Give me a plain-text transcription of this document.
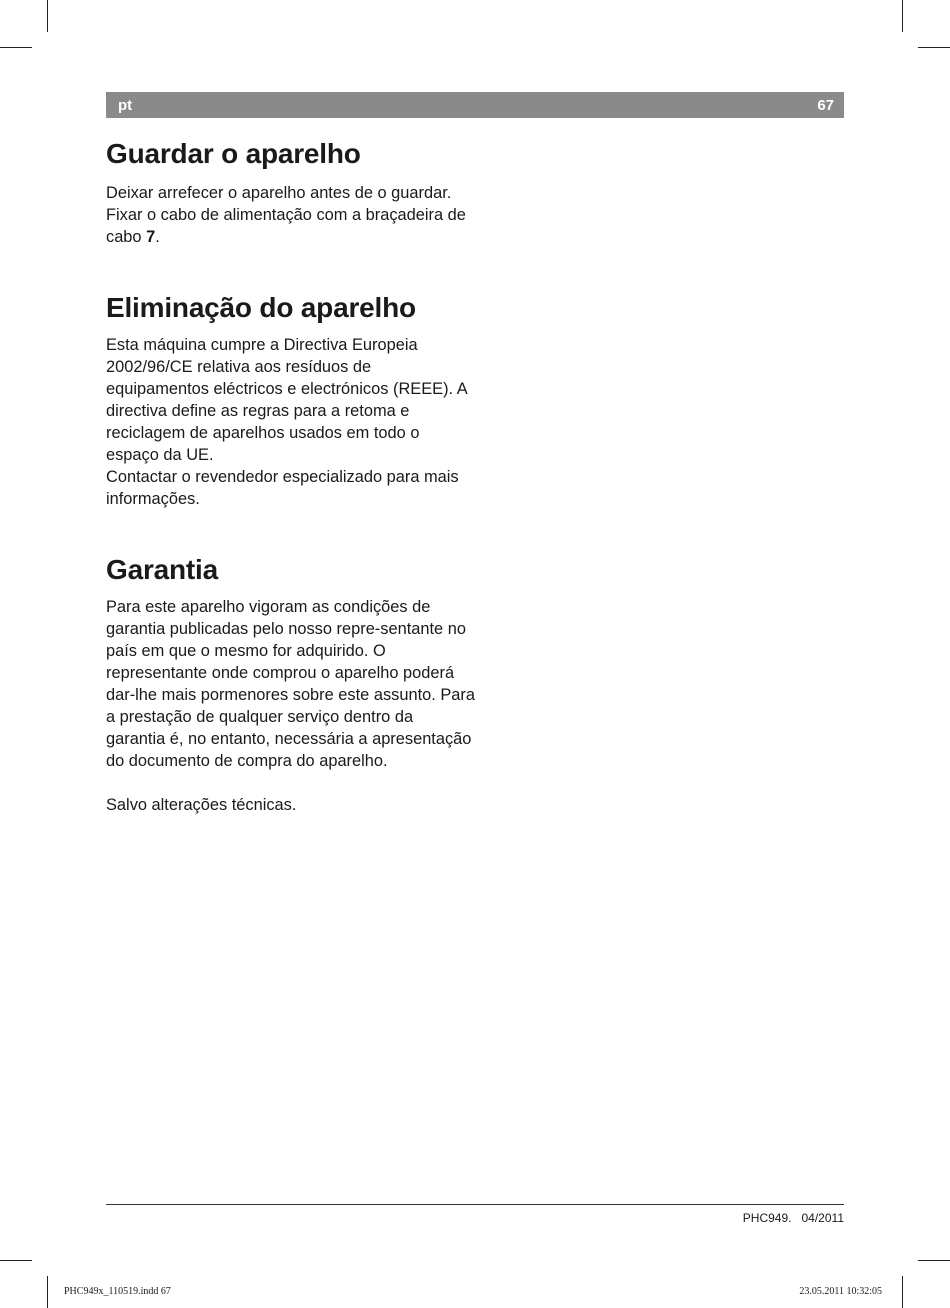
pt	67
Guardar o aparelho

Deixar arrefecer o aparelho antes de o guardar.

Fixar o cabo de alimentação com a braçadeira de cabo 7.

Eliminação do aparelho

Esta máquina cumpre a Directiva Europeia 2002/96/CE relativa aos resíduos de equipamentos eléctricos e electrónicos (REEE). A directiva define as regras para a retoma e reciclagem de aparelhos usados em todo o espaço da UE.

Contactar o revendedor especializado para mais informações.

Garantia

Para este aparelho vigoram as condições de garantia publicadas pelo nosso repre-sentante no país em que o mesmo for adquirido. O representante onde comprou o aparelho poderá dar-lhe mais pormenores sobre este assunto. Para a prestação de qualquer serviço dentro da garantia é, no entanto, necessária a apresentação do documento de compra do aparelho.

Salvo alterações técnicas.

PHC949. 04/2011
PHC949x_110519.indd 67	23.05.2011 10:32:05
